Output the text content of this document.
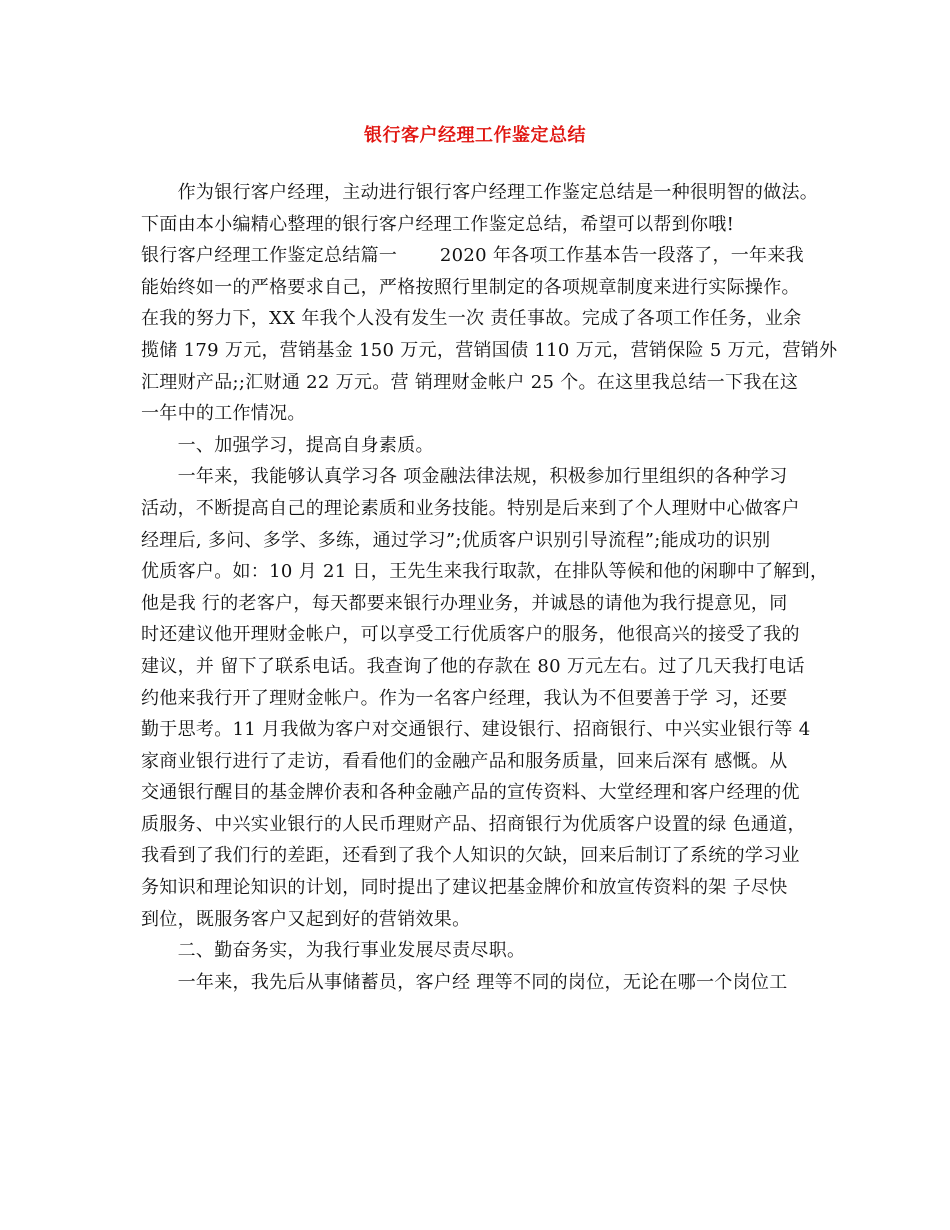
银行客户经理工作鉴定总结
　　作为银行客户经理，主动进行银行客户经理工作鉴定总结是一种很明智的做法。
下面由本小编精心整理的银行客户经理工作鉴定总结，希望可以帮到你哦!
银行客户经理工作鉴定总结篇一　　 2020 年各项工作基本告一段落了，一年来我
能始终如一的严格要求自己，严格按照行里制定的各项规章制度来进行实际操作。
在我的努力下，XX 年我个人没有发生一次 责任事故。完成了各项工作任务，业余
揽储 179 万元，营销基金 150 万元，营销国债 110 万元，营销保险 5 万元，营销外
汇理财产品;;汇财通 22 万元。营 销理财金帐户 25 个。在这里我总结一下我在这
一年中的工作情况。
　　一、加强学习，提高自身素质。
　　一年来，我能够认真学习各 项金融法律法规，积极参加行里组织的各种学习
活动，不断提高自己的理论素质和业务技能。特别是后来到了个人理财中心做客户
经理后, 多问、多学、多练，通过学习”;优质客户识别引导流程”;能成功的识别
优质客户。如：10 月 21 日，王先生来我行取款，在排队等候和他的闲聊中了解到，
他是我 行的老客户，每天都要来银行办理业务，并诚恳的请他为我行提意见，同
时还建议他开理财金帐户，可以享受工行优质客户的服务，他很高兴的接受了我的
建议，并 留下了联系电话。我查询了他的存款在 80 万元左右。过了几天我打电话
约他来我行开了理财金帐户。作为一名客户经理，我认为不但要善于学 习，还要
勤于思考。11 月我做为客户对交通银行、建设银行、招商银行、中兴实业银行等 4
家商业银行进行了走访，看看他们的金融产品和服务质量，回来后深有 感慨。从
交通银行醒目的基金牌价表和各种金融产品的宣传资料、大堂经理和客户经理的优
质服务、中兴实业银行的人民币理财产品、招商银行为优质客户设置的绿 色通道，
我看到了我们行的差距，还看到了我个人知识的欠缺，回来后制订了系统的学习业
务知识和理论知识的计划，同时提出了建议把基金牌价和放宣传资料的架 子尽快
到位，既服务客户又起到好的营销效果。
　　二、勤奋务实，为我行事业发展尽责尽职。
　　一年来，我先后从事储蓄员，客户经 理等不同的岗位，无论在哪一个岗位工
